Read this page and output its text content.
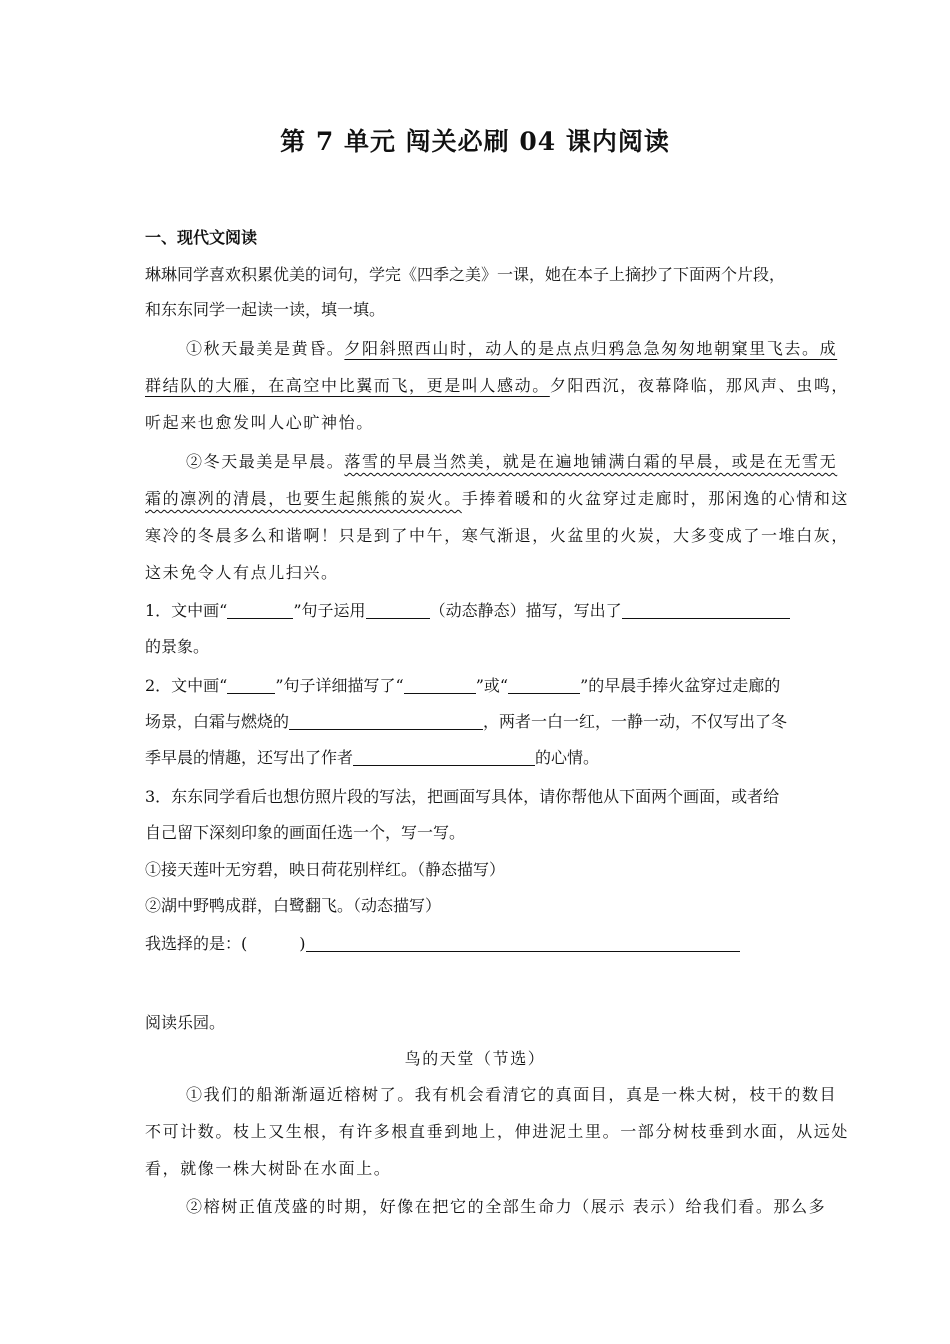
第 7 单元 闯关必刷 04 课内阅读
一、现代文阅读
琳琳同学喜欢积累优美的词句，学完《四季之美》一课，她在本子上摘抄了下面两个片段，
和东东同学一起读一读，填一填。
①秋天最美是黄昏。夕阳斜照西山时，动人的是点点归鸦急急匆匆地朝窠里飞去。成
群结队的大雁，在高空中比翼而飞，更是叫人感动。夕阳西沉，夜幕降临，那风声、虫鸣，
听起来也愈发叫人心旷神怡。
②冬天最美是早晨。落雪的早晨当然美，就是在遍地铺满白霜的早晨，或是在无雪无
霜的凛冽的清晨，也要生起熊熊的炭火。手捧着暖和的火盆穿过走廊时，那闲逸的心情和这
寒冷的冬晨多么和谐啊！只是到了中午，寒气渐退，火盆里的火炭，大多变成了一堆白灰，
这未免令人有点儿扫兴。
1．文中画“	”句子运用	（动态静态）描写，写出了
的景象。
2．文中画“	”句子详细描写了“	”或“	”的早晨手捧火盆穿过走廊的
场景，白霜与燃烧的	，两者一白一红，一静一动，不仅写出了冬
季早晨的情趣，还写出了作者	的心情。
3．东东同学看后也想仿照片段的写法，把画面写具体，请你帮他从下面两个画面，或者给
自己留下深刻印象的画面任选一个，写一写。
①接天莲叶无穷碧，映日荷花别样红。（静态描写）
②湖中野鸭成群，白鹭翻飞。（动态描写）
我选择的是：(	)
阅读乐园。
鸟的天堂（节选）
①我们的船渐渐逼近榕树了。我有机会看清它的真面目，真是一株大树，枝干的数目
不可计数。枝上又生根，有许多根直垂到地上，伸进泥土里。一部分树枝垂到水面，从远处
看，就像一株大树卧在水面上。
②榕树正值茂盛的时期，好像在把它的全部生命力（展示 表示）给我们看。那么多
